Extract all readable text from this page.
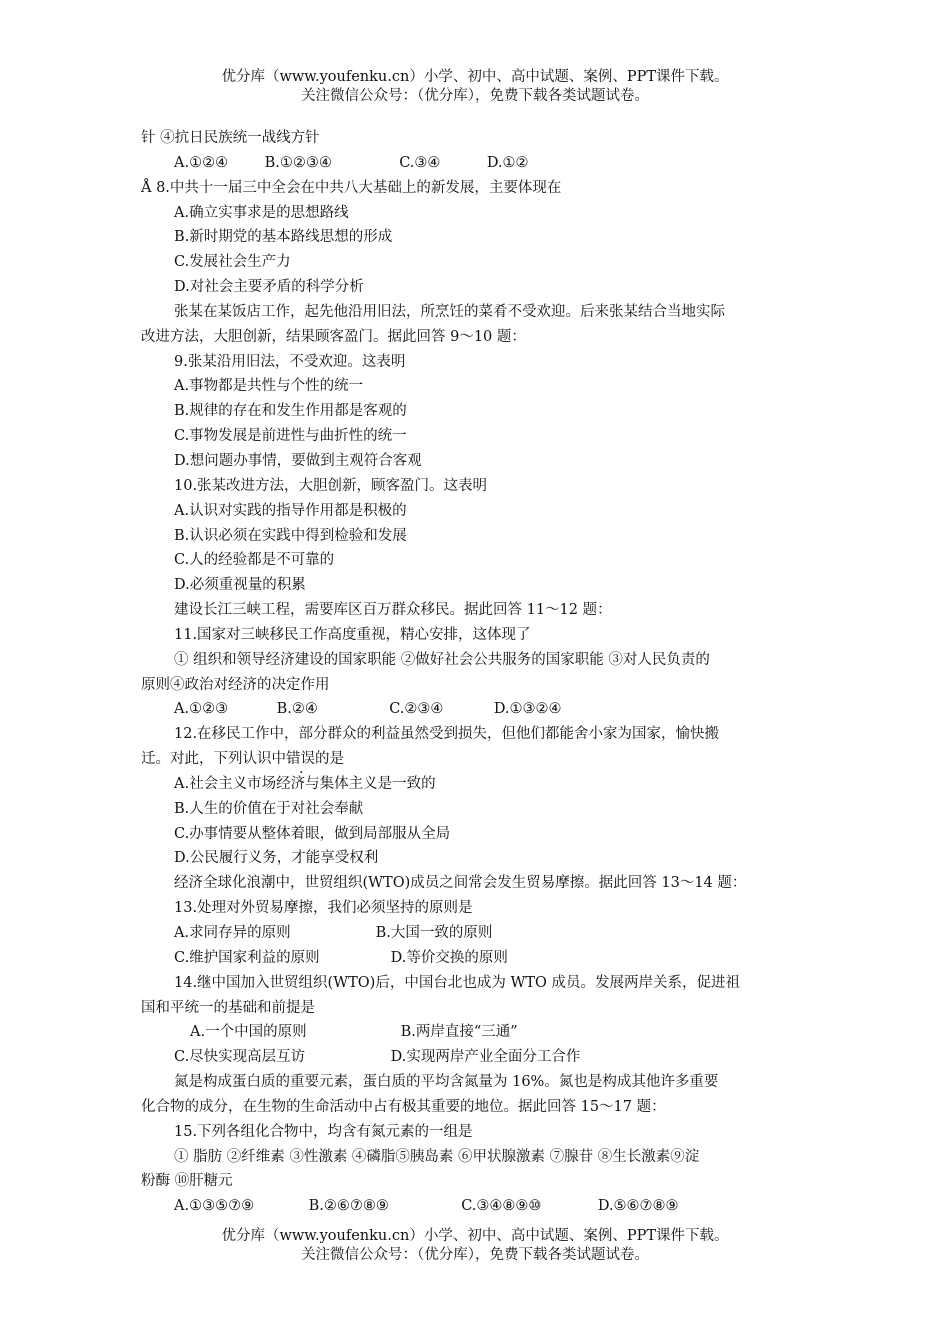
优分库（www.youfenku.cn）小学、初中、高中试题、案例、PPT课件下载。
关注微信公众号：（优分库），免费下载各类试题试卷。
针 ④抗日民族统一战线方针
A.①②④	B.①②③④	C.③④	D.①②
Å 8.中共十一届三中全会在中共八大基础上的新发展，主要体现在
A.确立实事求是的思想路线
B.新时期党的基本路线思想的形成
C.发展社会生产力
D.对社会主要矛盾的科学分析
张某在某饭店工作，起先他沿用旧法，所烹饪的菜肴不受欢迎。后来张某结合当地实际
改进方法，大胆创新，结果顾客盈门。据此回答 9～10 题：
9.张某沿用旧法，不受欢迎。这表明
A.事物都是共性与个性的统一
B.规律的存在和发生作用都是客观的
C.事物发展是前进性与曲折性的统一
D.想问题办事情，要做到主观符合客观
10.张某改进方法，大胆创新，顾客盈门。这表明
A.认识对实践的指导作用都是积极的
B.认识必须在实践中得到检验和发展
C.人的经验都是不可靠的
D.必须重视量的积累
建设长江三峡工程，需要库区百万群众移民。据此回答 11～12 题：
11.国家对三峡移民工作高度重视，精心安排，这体现了
① 组织和领导经济建设的国家职能 ②做好社会公共服务的国家职能 ③对人民负责的
原则④政治对经济的决定作用
A.①②③	B.②④	C.②③④	D.①③②④
12.在移民工作中，部分群众的利益虽然受到损失，但他们都能舍小家为国家，愉快搬
迁。对此，下列认识中错误的是
A.社会主义市场经济与集体主义是一致的
B.人生的价值在于对社会奉献
C.办事情要从整体着眼，做到局部服从全局
D.公民履行义务，才能享受权利
经济全球化浪潮中，世贸组织(WTO)成员之间常会发生贸易摩擦。据此回答 13～14 题：
13.处理对外贸易摩擦，我们必须坚持的原则是
A.求同存异的原则	B.大国一致的原则
C.维护国家利益的原则	D.等价交换的原则
14.继中国加入世贸组织(WTO)后，中国台北也成为 WTO 成员。发展两岸关系，促进祖
国和平统一的基础和前提是
A.一个中国的原则	B.两岸直接“三通”
C.尽快实现高层互访	D.实现两岸产业全面分工合作
氮是构成蛋白质的重要元素，蛋白质的平均含氮量为 16%。氮也是构成其他许多重要
化合物的成分，在生物的生命活动中占有极其重要的地位。据此回答 15～17 题：
15.下列各组化合物中，均含有氮元素的一组是
① 脂肪 ②纤维素 ③性激素 ④磷脂⑤胰岛素 ⑥甲状腺激素 ⑦腺苷 ⑧生长激素⑨淀
粉酶 ⑩肝糖元
A.①③⑤⑦⑨	B.②⑥⑦⑧⑨	C.③④⑧⑨⑩	D.⑤⑥⑦⑧⑨
优分库（www.youfenku.cn）小学、初中、高中试题、案例、PPT课件下载。
关注微信公众号：（优分库），免费下载各类试题试卷。
